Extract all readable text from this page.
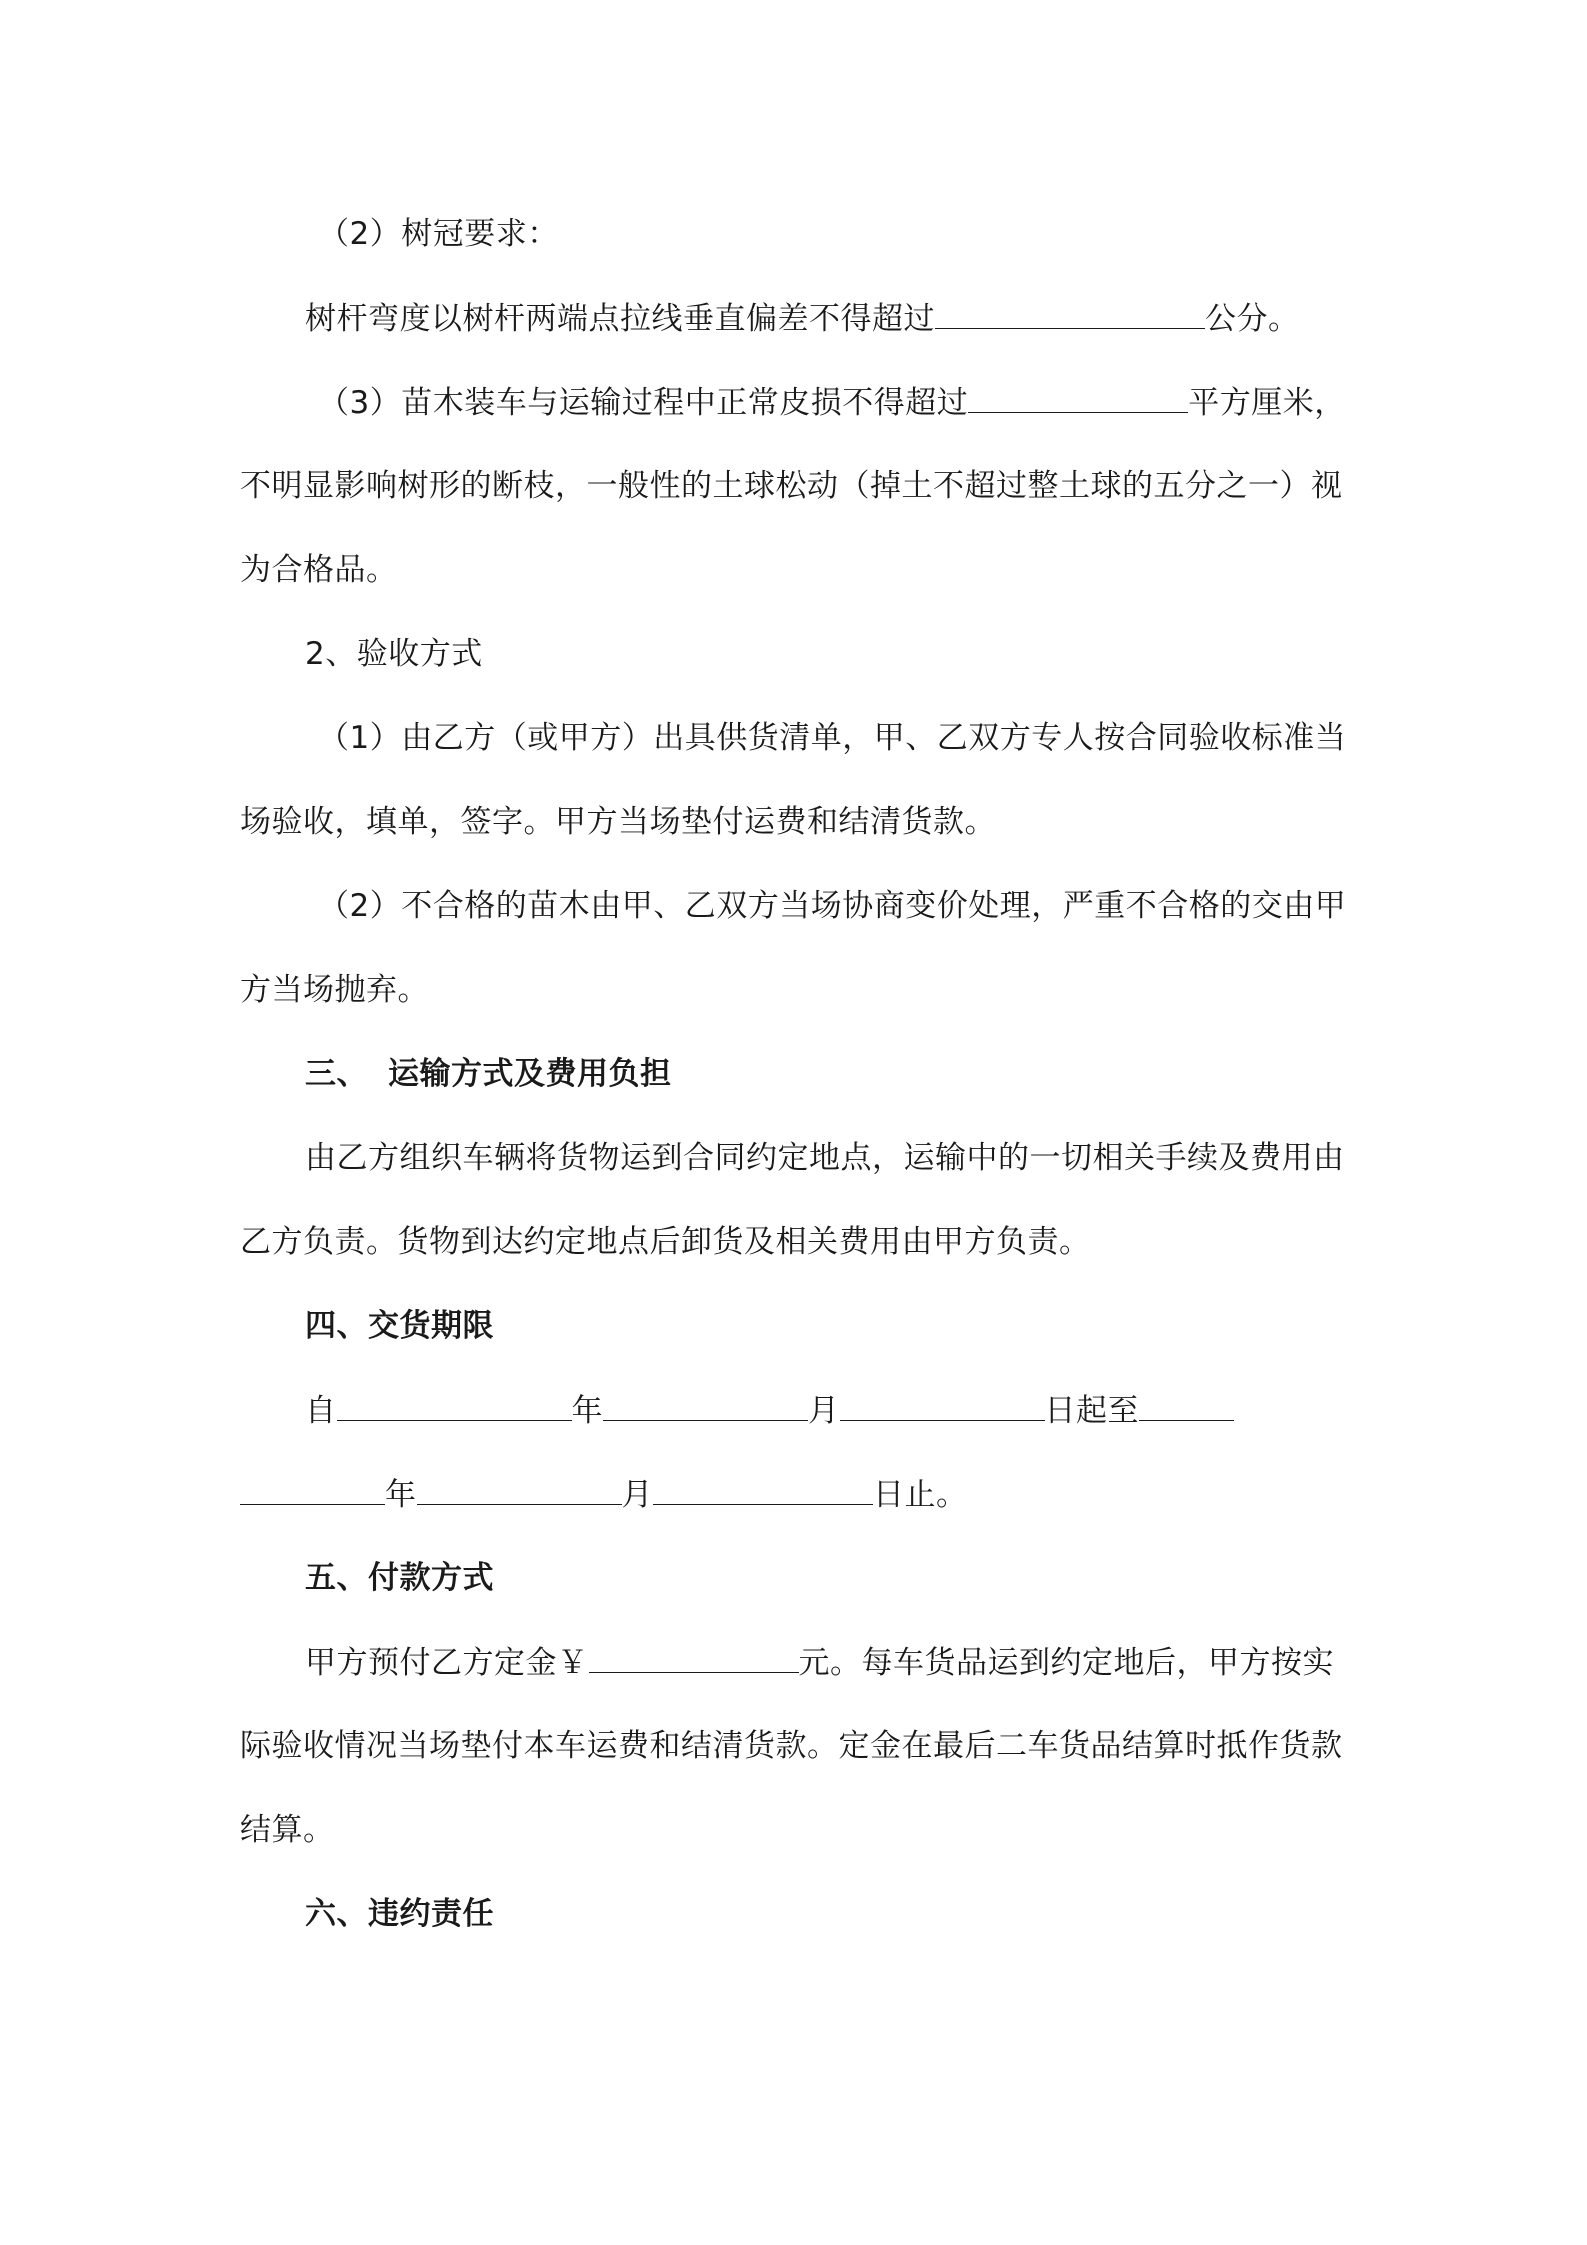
（2）树冠要求：
树杆弯度以树杆两端点拉线垂直偏差不得超过	公分。
（3）苗木装车与运输过程中正常皮损不得超过	平方厘米，
不明显影响树形的断枝，一般性的土球松动（掉土不超过整土球的五分之一）视
为合格品。
2、验收方式
（1）由乙方（或甲方）出具供货清单，甲、乙双方专人按合同验收标准当
场验收，填单，签字。甲方当场垫付运费和结清货款。
（2）不合格的苗木由甲、乙双方当场协商变价处理，严重不合格的交由甲
方当场抛弃。
三、 运输方式及费用负担
由乙方组织车辆将货物运到合同约定地点，运输中的一切相关手续及费用由
乙方负责。货物到达约定地点后卸货及相关费用由甲方负责。
四、交货期限
自	年	月	日起至
年	月	日止。
五、付款方式
甲方预付乙方定金￥	元。每车货品运到约定地后，甲方按实
际验收情况当场垫付本车运费和结清货款。定金在最后二车货品结算时抵作货款
结算。
六、违约责任
